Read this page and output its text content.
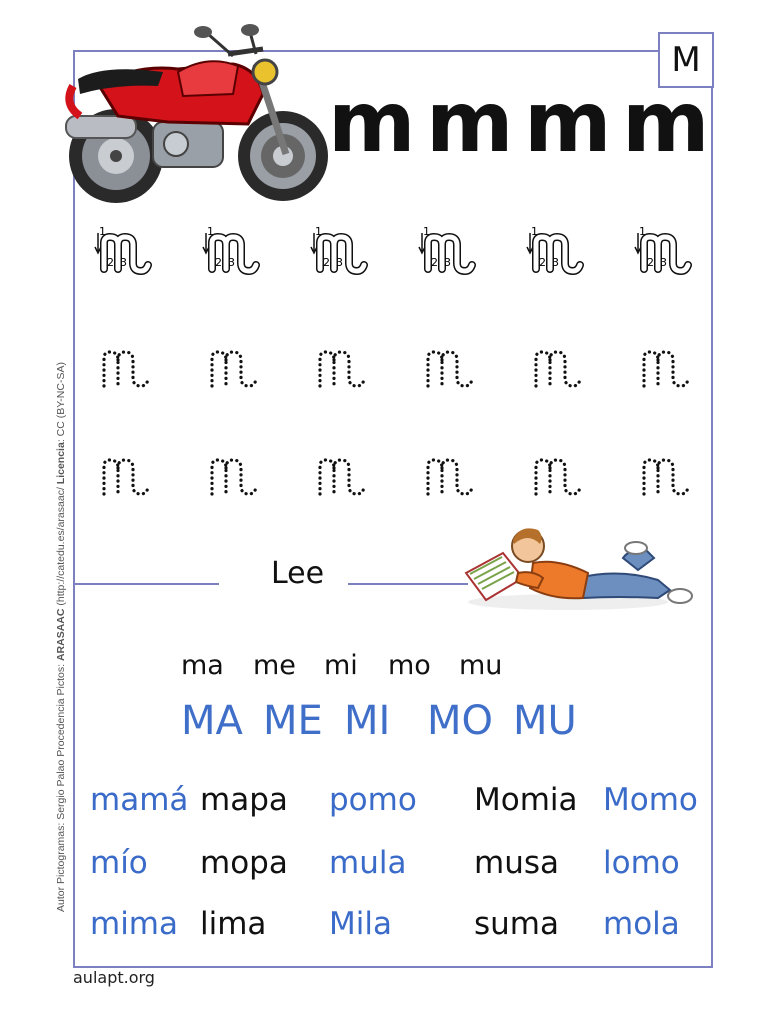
M
m m m m
1
2 3
1
2 3
1
2 3
1
2 3
1
2 3
1
2 3
Autor Pictogramas: Sergio Palao Procedencia Pictos: ARASAAC (http://catedu.es/arasaac/ Licencia: CC (BY-NC-SA)
Lee
ma me mi mo mu
MA ME MI MO MU
mamá mapa pomo Momia Momo
mío mopa mula musa lomo
mima lima Mila	suma mola
aulapt.org
